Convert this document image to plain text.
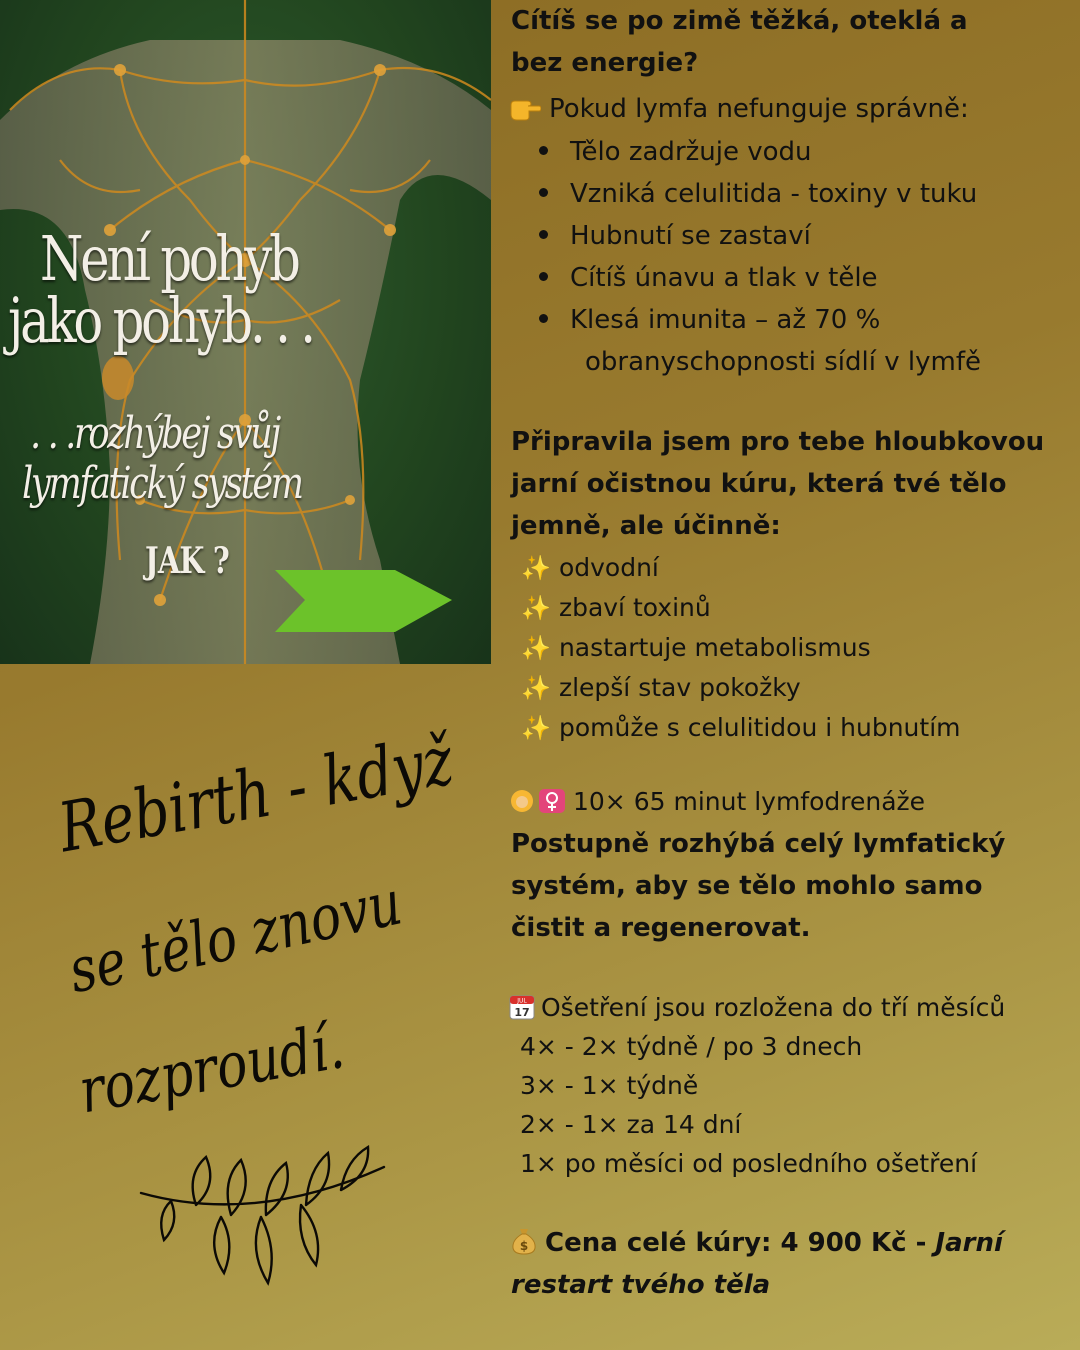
Není pohyb
jako pohyb. . .
. . .rozhýbej svůj
lymfatický systém
JAK ?
Rebirth - když
se tělo znovu
rozproudí.
Cítíš se po zimě těžká, oteklá a
bez energie?
Pokud lymfa nefunguje správně:
Tělo zadržuje vodu
Vzniká celulitida - toxiny v tuku
Hubnutí se zastaví
Cítíš únavu a tlak v těle
Klesá imunita – až 70 %
obranyschopnosti sídlí v lymfě
Připravila jsem pro tebe hloubkovou
jarní očistnou kúru, která tvé tělo
jemně, ale účinně:
✨ odvodní
✨ zbaví toxinů
✨ nastartuje metabolismus
✨ zlepší stav pokožky
✨ pomůže s celulitidou i hubnutím
10× 65 minut lymfodrenáže
Postupně rozhýbá celý lymfatický
systém, aby se tělo mohlo samo
čistit a regenerovat.
JUL
17 Ošetření jsou rozložena do tří měsíců
4× - 2× týdně / po 3 dnech
3× - 1× týdně
2× - 1× za 14 dní
1× po měsíci od posledního ošetření
$ Cena celé kúry: 4 900 Kč - Jarní
restart tvého těla
